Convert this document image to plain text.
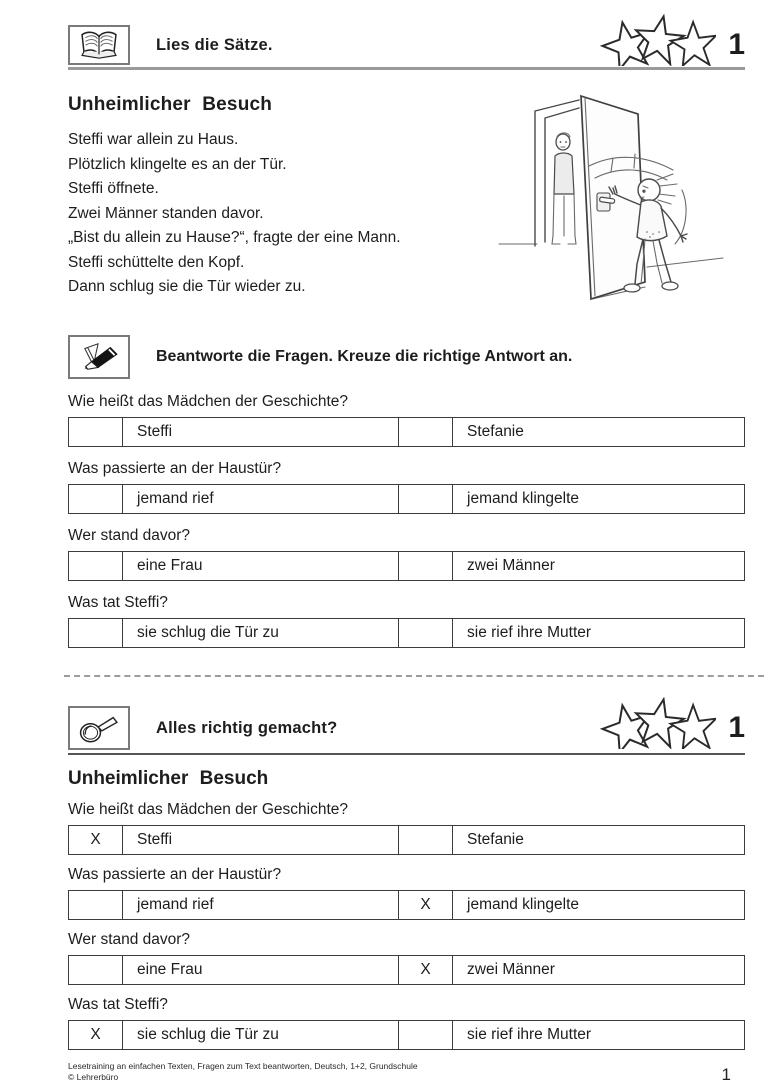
Lies die Sätze.	1
Unheimlicher Besuch
Steffi war allein zu Haus.
Plötzlich klingelte es an der Tür.
Steffi öffnete.
Zwei Männer standen davor.
„Bist du allein zu Hause?“, fragte der eine Mann.
Steffi schüttelte den Kopf.
Dann schlug sie die Tür wieder zu.
Beantworte die Fragen. Kreuze die richtige Antwort an.
Wie heißt das Mädchen der Geschichte?
Steffi	Stefanie
Was passierte an der Haustür?
jemand rief	jemand klingelte
Wer stand davor?
eine Frau	zwei Männer
Was tat Steffi?
sie schlug die Tür zu	sie rief ihre Mutter
Alles richtig gemacht?	1
Unheimlicher Besuch
Wie heißt das Mädchen der Geschichte?
X	Steffi	Stefanie
Was passierte an der Haustür?
jemand rief	X	jemand klingelte
Wer stand davor?
eine Frau	X	zwei Männer
Was tat Steffi?
X	sie schlug die Tür zu	sie rief ihre Mutter
Lesetraining an einfachen Texten, Fragen zum Text beantworten, Deutsch, 1+2, Grundschule
© Lehrerbüro	1
